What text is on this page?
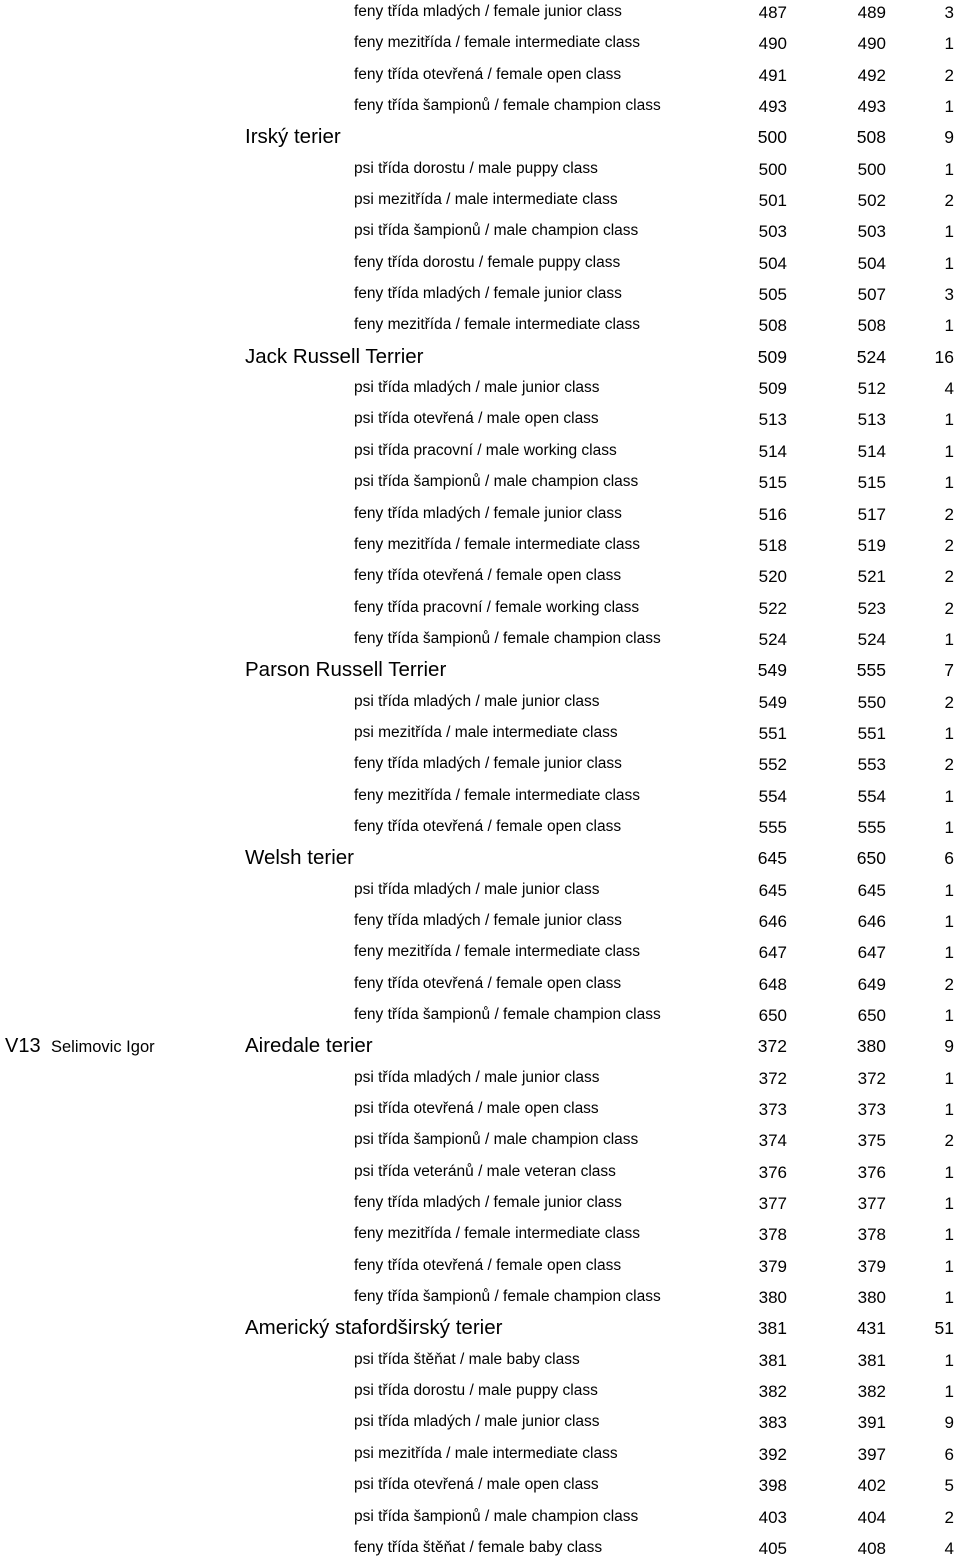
feny třída mladých / female junior class	487	489	3
feny mezitřída / female intermediate class	490	490	1
feny třída otevřená / female open class	491	492	2
feny třída šampionů / female champion class	493	493	1
Irský terier	500	508	9
psi třída dorostu / male puppy class	500	500	1
psi mezitřída / male intermediate class	501	502	2
psi třída šampionů / male champion class	503	503	1
feny třída dorostu / female puppy class	504	504	1
feny třída mladých / female junior class	505	507	3
feny mezitřída / female intermediate class	508	508	1
Jack Russell Terrier	509	524	16
psi třída mladých / male junior class	509	512	4
psi třída otevřená / male open class	513	513	1
psi třída pracovní / male working class	514	514	1
psi třída šampionů / male champion class	515	515	1
feny třída mladých / female junior class	516	517	2
feny mezitřída / female intermediate class	518	519	2
feny třída otevřená / female open class	520	521	2
feny třída pracovní / female working class	522	523	2
feny třída šampionů / female champion class	524	524	1
Parson Russell Terrier	549	555	7
psi třída mladých / male junior class	549	550	2
psi mezitřída / male intermediate class	551	551	1
feny třída mladých / female junior class	552	553	2
feny mezitřída / female intermediate class	554	554	1
feny třída otevřená / female open class	555	555	1
Welsh terier	645	650	6
psi třída mladých / male junior class	645	645	1
feny třída mladých / female junior class	646	646	1
feny mezitřída / female intermediate class	647	647	1
feny třída otevřená / female open class	648	649	2
feny třída šampionů / female champion class	650	650	1
V13 Selimovic Igor	Airedale terier	372	380	9
psi třída mladých / male junior class	372	372	1
psi třída otevřená / male open class	373	373	1
psi třída šampionů / male champion class	374	375	2
psi třída veteránů / male veteran class	376	376	1
feny třída mladých / female junior class	377	377	1
feny mezitřída / female intermediate class	378	378	1
feny třída otevřená / female open class	379	379	1
feny třída šampionů / female champion class	380	380	1
Americký stafordširský terier	381	431	51
psi třída štěňat / male baby class	381	381	1
psi třída dorostu / male puppy class	382	382	1
psi třída mladých / male junior class	383	391	9
psi mezitřída / male intermediate class	392	397	6
psi třída otevřená / male open class	398	402	5
psi třída šampionů / male champion class	403	404	2
feny třída štěňat / female baby class	405	408	4
